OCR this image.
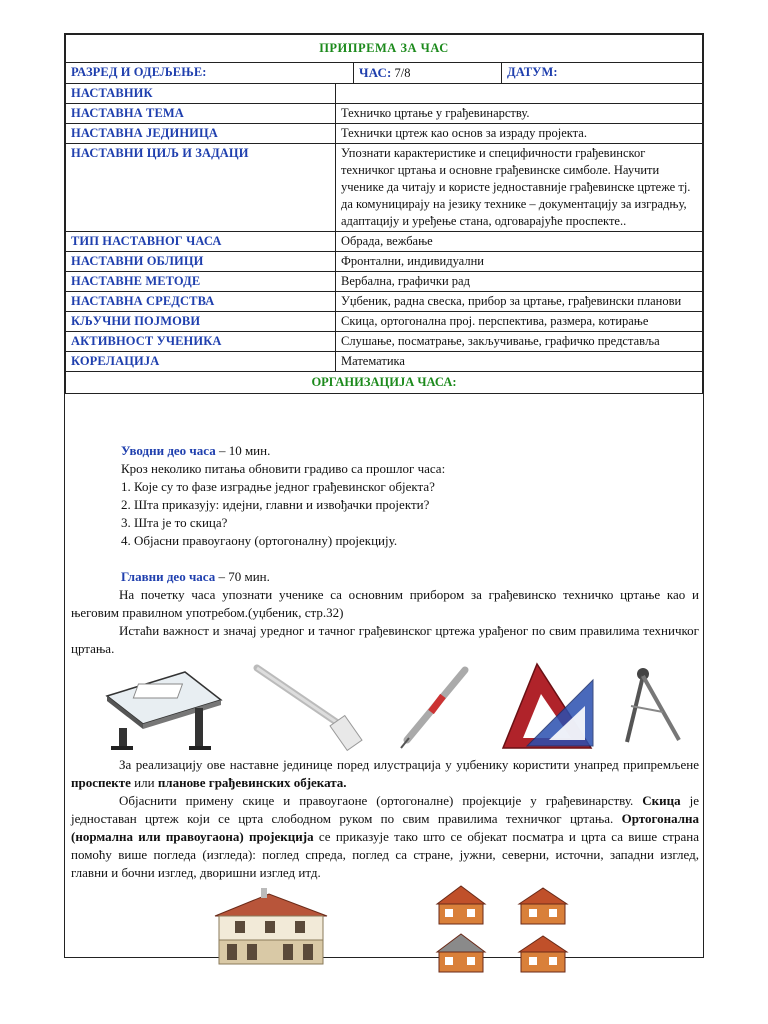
ПРИПРЕМА ЗА ЧАС			
РАЗРЕД И ОДЕЉЕЊЕ:		ЧАС: 7/8	ДАТУМ:
НАСТАВНИК			
НАСТАВНА ТЕМА	Техничко цртање у грађевинарству.		
НАСТАВНА ЈЕДИНИЦА	Технички цртеж као основ за израду пројекта.		
НАСТАВНИ ЦИЉ И ЗАДАЦИ	Упознати карактеристике и специфичности грађевинског техничког цртања и основне грађевинске симболе. Научити ученике да читају и користе једноставније грађевинске цртеже тј. да комуницирају на језику технике – документацију за изградњу, адаптацију и уређење стана, одговарајуће проспекте..		
ТИП НАСТАВНОГ ЧАСА	Обрада, вежбање		
НАСТАВНИ ОБЛИЦИ	Фронтални, индивидуални		
НАСТАВНЕ МЕТОДЕ	Вербална, графички рад		
НАСТАВНА СРЕДСТВА	Уџбеник, радна свеска, прибор за цртање, грађевински планови		
КЉУЧНИ ПОЈМОВИ	Скица, ортогонална проj. перспектива, размера, котирање		
АКТИВНОСТ УЧЕНИКА	Слушање, посматрање, закључивање, графичко представља		
КОРЕЛАЦИЈА	Математика		
ОРГАНИЗАЦИЈА ЧАСА:			
Уводни део часа – 10 мин.
Кроз неколико питања обновити градиво са прошлог часа:
1. Које су то фазе изградње једног грађевинског објекта?
2. Шта приказују: идејни, главни и извођачки пројекти?
3. Шта је то скица?
4. Објасни правоугаону (ортогоналну) пројекцију.
Главни део часа – 70 мин.
На почетку часа упознати ученике са основним прибором за грађевинско техничко цртање као и његовим правилном употребом.(уџбеник, стр.32)
Истаћи важност и значај уредног и тачног грађевинског цртежа урађеног по свим правилима техничког цртања.
За реализацију ове наставне јединице поред илустрација у уџбенику користити унапред припремљене проспекте или планове грађевинских објеката.
Објаснити примену скице и правоугаоне (ортогоналне) пројекције у грађевинарству. Скица је једноставан цртеж који се црта слободном руком по свим правилима техничког цртања. Ортогонална (нормална или правоугаона) пројекција се приказује тако што се објекат посматра и црта са више страна помоћу више погледа (изгледа): поглед спреда, поглед са стране, јужни, северни, источни, западни изглед, главни и бочни изглед, дворишни изглед итд.
